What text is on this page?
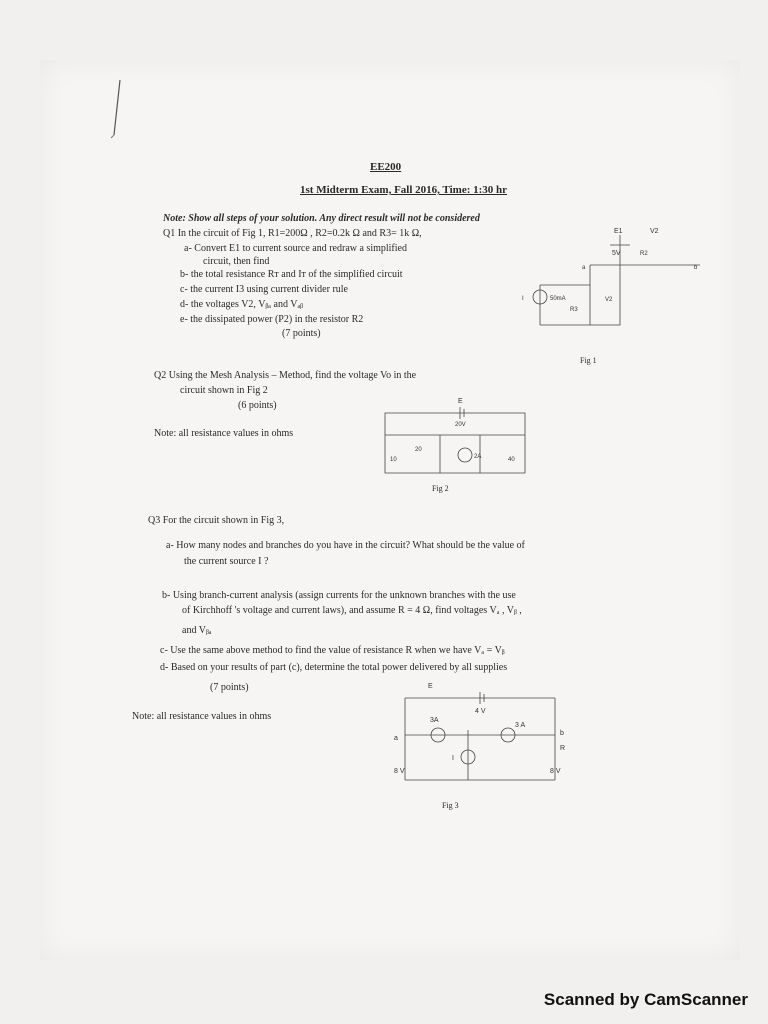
EE200
1st Midterm Exam, Fall 2016, Time: 1:30 hr
Note: Show all steps of your solution. Any direct result will not be considered
Q1 In the circuit of Fig 1, R1=200Ω , R2=0.2k Ω and R3= 1k Ω,
a- Convert E1 to current source and redraw a simplified
circuit, then find
b- the total resistance Rᴛ and Iᴛ of the simplified circuit
c- the current I3 using current divider rule
d- the voltages V2, Vᵦₐ and Vₐᵦ
e- the dissipated power (P2) in the resistor R2
(7 points)
E1	V2
5V	R2
a	b
I	50mA
R3
V2
Fig 1
Q2 Using the Mesh Analysis – Method, find the voltage Vo in the
circuit shown in Fig 2
(6 points)
Note: all resistance values in ohms
E
20V
10
20
2A	40
Fig 2
Q3 For the circuit shown in Fig 3,
a- How many nodes and branches do you have in the circuit? What should be the value of
the current source I ?
b- Using branch-current analysis (assign currents for the unknown branches with the use
of Kirchhoff 's voltage and current laws), and assume R = 4 Ω, find voltages Vₐ , Vᵦ ,
and Vᵦₐ
c- Use the same above method to find the value of resistance R when we have Vₐ = Vᵦ
d- Based on your results of part (c), determine the total power delivered by all supplies
(7 points)
Note: all resistance values in ohms
E
4 V
3A
3 A
a
b
R
I
8 V	8 V
Fig 3
Scanned by CamScanner
